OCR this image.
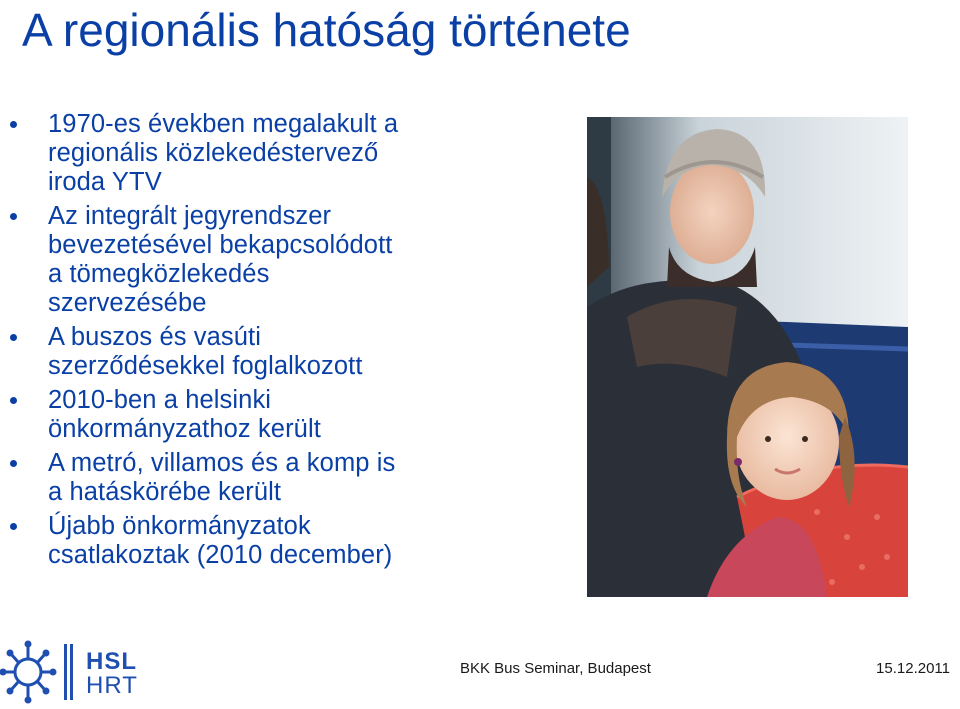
A regionális hatóság története
1970-es években megalakult a
regionális közlekedéstervező
iroda YTV
Az integrált jegyrendszer
bevezetésével bekapcsolódott
a tömegközlekedés
szervezésébe
A buszos és vasúti
szerződésekkel foglalkozott
2010-ben a helsinki
önkormányzathoz került
A metró, villamos és a komp is
a hatáskörébe került
Újabb önkormányzatok
csatlakoztak (2010 december)
HSL
HRT
BKK Bus Seminar, Budapest	15.12.2011
